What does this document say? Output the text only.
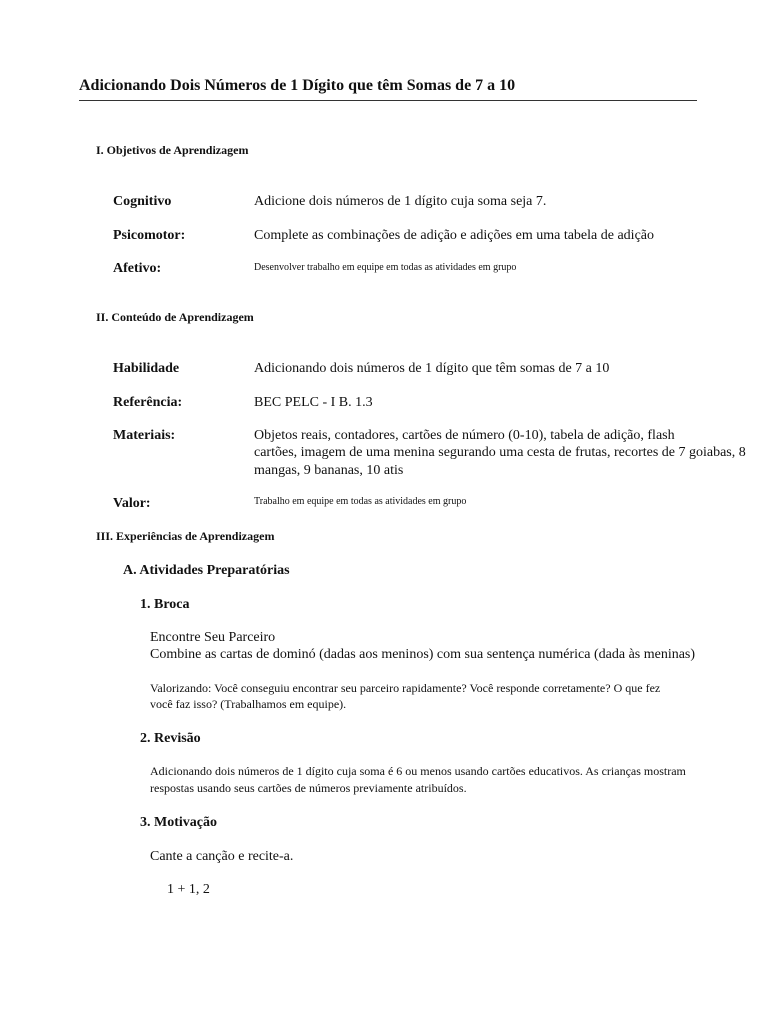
Adicionando Dois Números de 1 Dígito que têm Somas de 7 a 10
I. Objetivos de Aprendizagem
Cognitivo	Adicione dois números de 1 dígito cuja soma seja 7.
Psicomotor:	Complete as combinações de adição e adições em uma tabela de adição
Afetivo:	Desenvolver trabalho em equipe em todas as atividades em grupo
II. Conteúdo de Aprendizagem
Habilidade	Adicionando dois números de 1 dígito que têm somas de 7 a 10
Referência:	BEC PELC - I B. 1.3
Materiais:	Objetos reais, contadores, cartões de número (0-10), tabela de adição, flash
cartões, imagem de uma menina segurando uma cesta de frutas, recortes de 7 goiabas, 8
mangas, 9 bananas, 10 atis
Valor:	Trabalho em equipe em todas as atividades em grupo
III. Experiências de Aprendizagem
A. Atividades Preparatórias
1. Broca
Encontre Seu Parceiro
Combine as cartas de dominó (dadas aos meninos) com sua sentença numérica (dada às meninas)
Valorizando: Você conseguiu encontrar seu parceiro rapidamente? Você responde corretamente? O que fez
você faz isso? (Trabalhamos em equipe).
2. Revisão
Adicionando dois números de 1 dígito cuja soma é 6 ou menos usando cartões educativos. As crianças mostram
respostas usando seus cartões de números previamente atribuídos.
3. Motivação
Cante a canção e recite-a.
1 + 1, 2
